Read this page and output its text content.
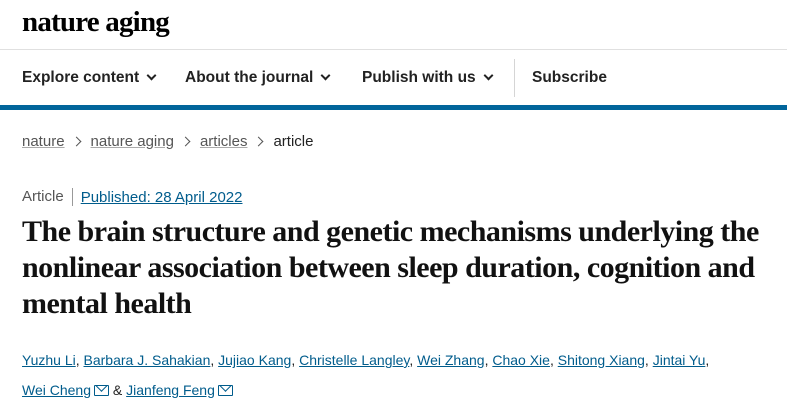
nature aging
Explore content	About the journal	Publish with us	Subscribe
nature nature aging articles article
Article	Published: 28 April 2022
The brain structure and genetic mechanisms underlying the nonlinear association between sleep duration, cognition and mental health
Yuzhu Li, Barbara J. Sahakian, Jujiao Kang, Christelle Langley, Wei Zhang, Chao Xie, Shitong Xiang, Jintai Yu,
Wei Cheng & Jianfeng Feng
